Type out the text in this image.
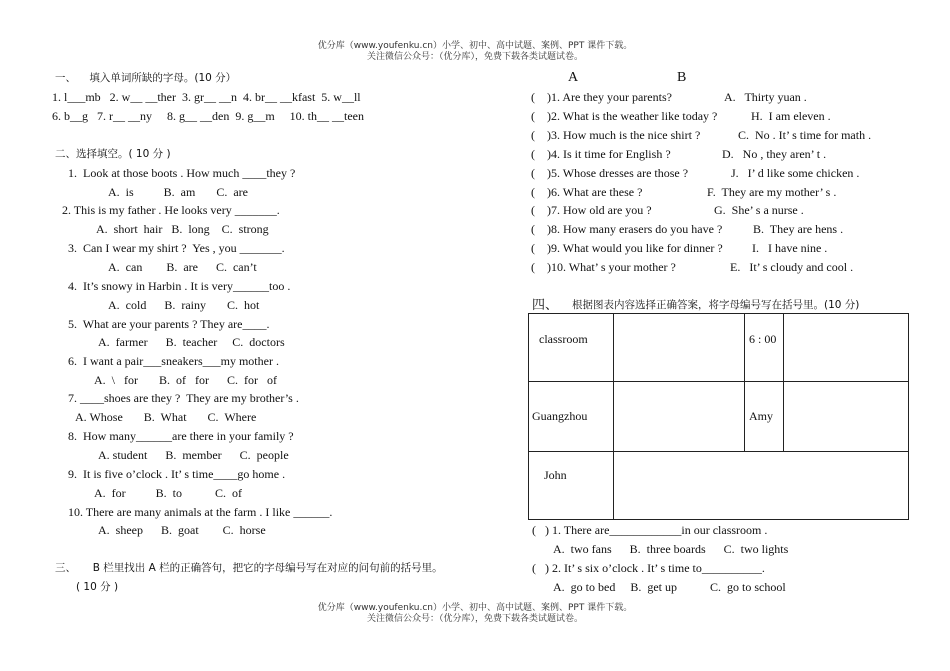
优分库（www.youfenku.cn）小学、初中、高中试题、案例、PPT 课件下载。
关注微信公众号：（优分库），免费下载各类试题试卷。
一、    填入单词所缺的字母。(10 分）
1. l___mb   2. w__ __ther  3. gr__ __n  4. br__ __kfast  5. w__ll
6. b__g   7. r__ __ny     8. g__ __den  9. g__m     10. th__ __teen
二、选择填空。( 10 分 )
1.  Look at those boots . How much ____they ?
A.  is          B.  am       C.  are
2. This is my father . He looks very _______.
A.  short  hair   B.  long    C.  strong
3.  Can I wear my shirt ?  Yes , you _______.
A.  can        B.  are      C.  can’t
4.  It’s snowy in Harbin . It is very______too .
A.  cold      B.  rainy       C.  hot
5.  What are your parents ? They are____.
A.  farmer      B.  teacher     C.  doctors
6.  I want a pair___sneakers___my mother .
A.  \   for       B.  of   for      C.  for   of
7. ____shoes are they ?  They are my brother’s .
A. Whose       B.  What       C.  Where
8.  How many______are there in your family ?
A. student      B.  member      C.  people
9.  It is five o’clock . It’ s time____go home .
A.  for          B.  to           C.  of
10. There are many animals at the farm . I like ______.
A.  sheep      B.  goat        C.  horse
三、     B 栏里找出 A 栏的正确答句，把它的字母编号写在对应的问句前的括号里。
( 10 分 )
A	B
(    )1. Are they your parents?	A.   Thirty yuan .
(    )2. What is the weather like today ?	H.  I am eleven .
(    )3. How much is the nice shirt ?	C.  No . It’ s time for math .
(    )4. Is it time for English ?	D.   No , they aren’ t .
(    )5. Whose dresses are those ?	J.   I’ d like some chicken .
(    )6. What are these ?	F.  They are my mother’ s .
(    )7. How old are you ?	G.  She’ s a nurse .
(    )8. How many erasers do you have ?	B.  They are hens .
(    )9. What would you like for dinner ? I.   I have nine .
(    )10. What’ s your mother ?	E.   It’ s cloudy and cool .
四、 根据图表内容选择正确答案，将字母编号写在括号里。(10 分)
classroom		6 : 00	
Guangzhou		Amy	
John			
(   ) 1. There are____________in our classroom .
A.  two fans      B.  three boards      C.  two lights
(   ) 2. It’ s six o’clock . It’ s time to__________.
A.  go to bed     B.  get up           C.  go to school
优分库（www.youfenku.cn）小学、初中、高中试题、案例、PPT 课件下载。
关注微信公众号：（优分库），免费下载各类试题试卷。
